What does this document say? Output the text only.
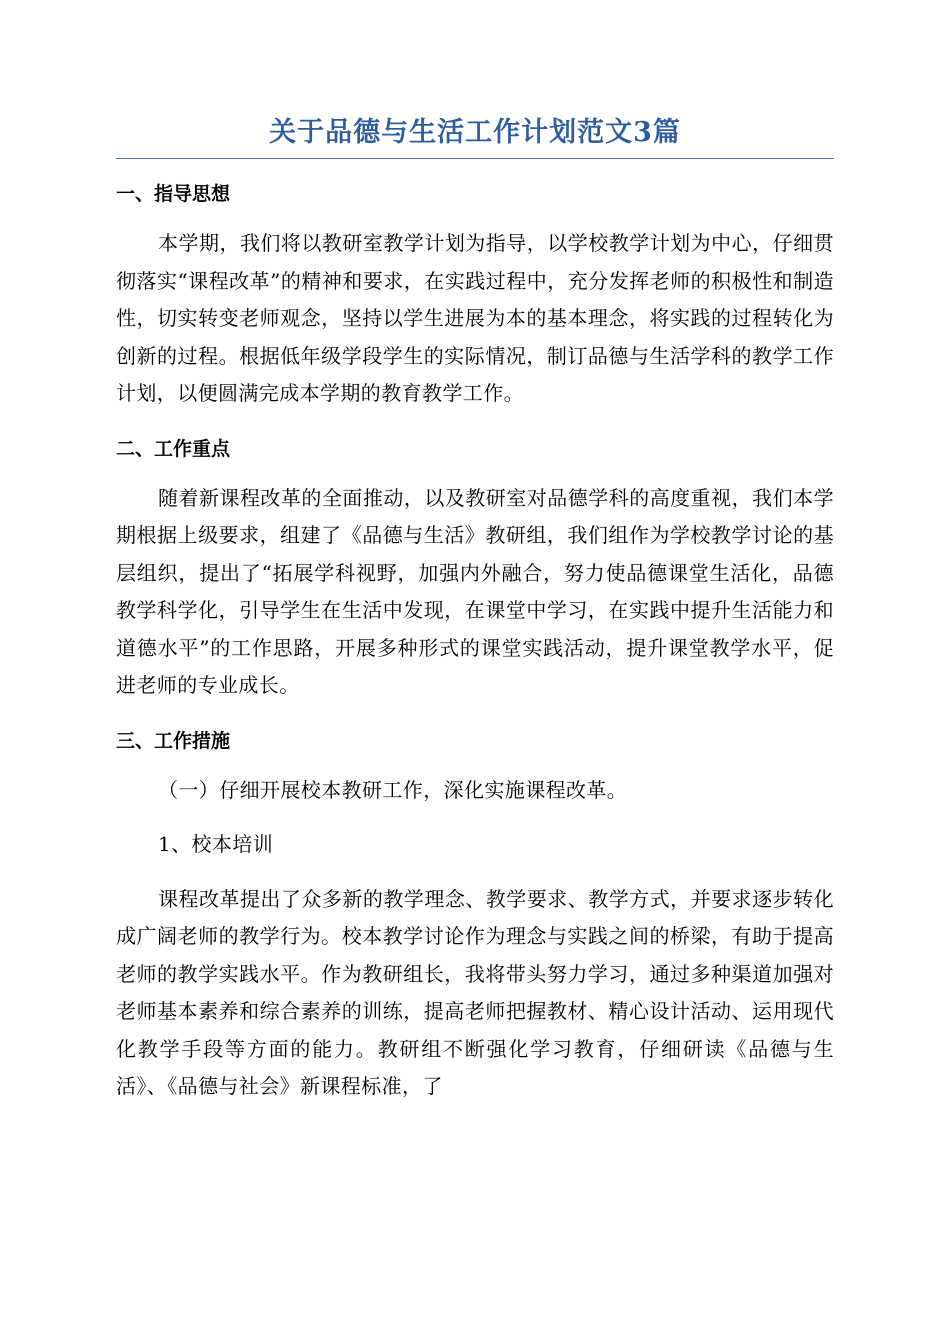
关于品德与生活工作计划范文3篇
一、指导思想

本学期，我们将以教研室教学计划为指导，以学校教学计划为中心，仔细贯彻落实“课程改革”的精神和要求，在实践过程中，充分发挥老师的积极性和制造性，切实转变老师观念，坚持以学生进展为本的基本理念，将实践的过程转化为创新的过程。根据低年级学段学生的实际情况，制订品德与生活学科的教学工作计划，以便圆满完成本学期的教育教学工作。

二、工作重点

随着新课程改革的全面推动，以及教研室对品德学科的高度重视，我们本学期根据上级要求，组建了《品德与生活》教研组，我们组作为学校教学讨论的基层组织，提出了“拓展学科视野，加强内外融合，努力使品德课堂生活化，品德教学科学化，引导学生在生活中发现，在课堂中学习，在实践中提升生活能力和道德水平”的工作思路，开展多种形式的课堂实践活动，提升课堂教学水平，促进老师的专业成长。

三、工作措施

（一）仔细开展校本教研工作，深化实施课程改革。

1、校本培训

课程改革提出了众多新的教学理念、教学要求、教学方式，并要求逐步转化成广阔老师的教学行为。校本教学讨论作为理念与实践之间的桥梁，有助于提高老师的教学实践水平。作为教研组长，我将带头努力学习，通过多种渠道加强对老师基本素养和综合素养的训练，提高老师把握教材、精心设计活动、运用现代化教学手段等方面的能力。教研组不断强化学习教育，仔细研读《品德与生活》、《品德与社会》新课程标准，了
